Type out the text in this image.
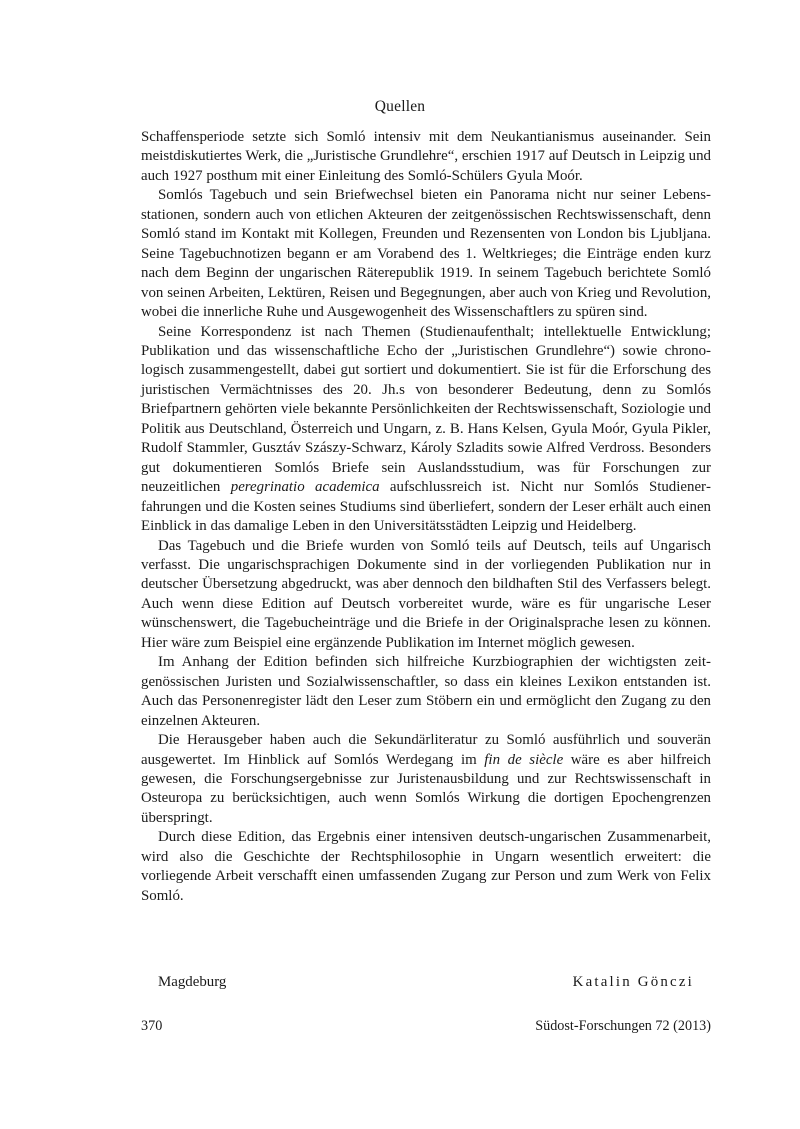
Quellen

Schaffensperiode setzte sich Somló intensiv mit dem Neukantianismus auseinander. Sein meistdiskutiertes Werk, die „Juristische Grundlehre“, erschien 1917 auf Deutsch in Leipzig und auch 1927 posthum mit einer Einleitung des Somló-Schülers Gyula Moór.

Somlós Tagebuch und sein Briefwechsel bieten ein Panorama nicht nur seiner Lebensstationen, sondern auch von etlichen Akteuren der zeitgenössischen Rechtswissenschaft, denn Somló stand im Kontakt mit Kollegen, Freunden und Rezensenten von London bis Ljubljana. Seine Tagebuchnotizen begann er am Vorabend des 1. Weltkrieges; die Einträge enden kurz nach dem Beginn der ungarischen Räterepublik 1919. In seinem Tagebuch berichtete Somló von seinen Arbeiten, Lektüren, Reisen und Begegnungen, aber auch von Krieg und Revolution, wobei die innerliche Ruhe und Ausgewogenheit des Wissenschaftlers zu spüren sind.

Seine Korrespondenz ist nach Themen (Studienaufenthalt; intellektuelle Entwicklung; Publikation und das wissenschaftliche Echo der „Juristischen Grundlehre“) sowie chronologisch zusammengestellt, dabei gut sortiert und dokumentiert. Sie ist für die Erforschung des juristischen Vermächtnisses des 20. Jh.s von besonderer Bedeutung, denn zu Somlós Briefpartnern gehörten viele bekannte Persönlichkeiten der Rechtswissenschaft, Soziologie und Politik aus Deutschland, Österreich und Ungarn, z. B. Hans Kelsen, Gyula Moór, Gyula Pikler, Rudolf Stammler, Gusztáv Szászy-Schwarz, Károly Szladits sowie Alfred Verdross. Besonders gut dokumentieren Somlós Briefe sein Auslandsstudium, was für Forschungen zur neuzeitlichen peregrinatio academica aufschlussreich ist. Nicht nur Somlós Studienerfahrungen und die Kosten seines Studiums sind überliefert, sondern der Leser erhält auch einen Einblick in das damalige Leben in den Universitätsstädten Leipzig und Heidelberg.

Das Tagebuch und die Briefe wurden von Somló teils auf Deutsch, teils auf Ungarisch verfasst. Die ungarischsprachigen Dokumente sind in der vorliegenden Publikation nur in deutscher Übersetzung abgedruckt, was aber dennoch den bildhaften Stil des Verfassers belegt. Auch wenn diese Edition auf Deutsch vorbereitet wurde, wäre es für ungarische Leser wünschenswert, die Tagebucheinträge und die Briefe in der Originalsprache lesen zu können. Hier wäre zum Beispiel eine ergänzende Publikation im Internet möglich gewesen.

Im Anhang der Edition befinden sich hilfreiche Kurzbiographien der wichtigsten zeitgenössischen Juristen und Sozialwissenschaftler, so dass ein kleines Lexikon entstanden ist. Auch das Personenregister lädt den Leser zum Stöbern ein und ermöglicht den Zugang zu den einzelnen Akteuren.

Die Herausgeber haben auch die Sekundärliteratur zu Somló ausführlich und souverän ausgewertet. Im Hinblick auf Somlós Werdegang im fin de siècle wäre es aber hilfreich gewesen, die Forschungsergebnisse zur Juristenausbildung und zur Rechtswissenschaft in Osteuropa zu berücksichtigen, auch wenn Somlós Wirkung die dortigen Epochengrenzen überspringt.

Durch diese Edition, das Ergebnis einer intensiven deutsch-ungarischen Zusammenarbeit, wird also die Geschichte der Rechtsphilosophie in Ungarn wesentlich erweitert: die vorliegende Arbeit verschafft einen umfassenden Zugang zur Person und zum Werk von Felix Somló.

Magdeburg	Katalin Gönczi
370	Südost-Forschungen 72 (2013)
